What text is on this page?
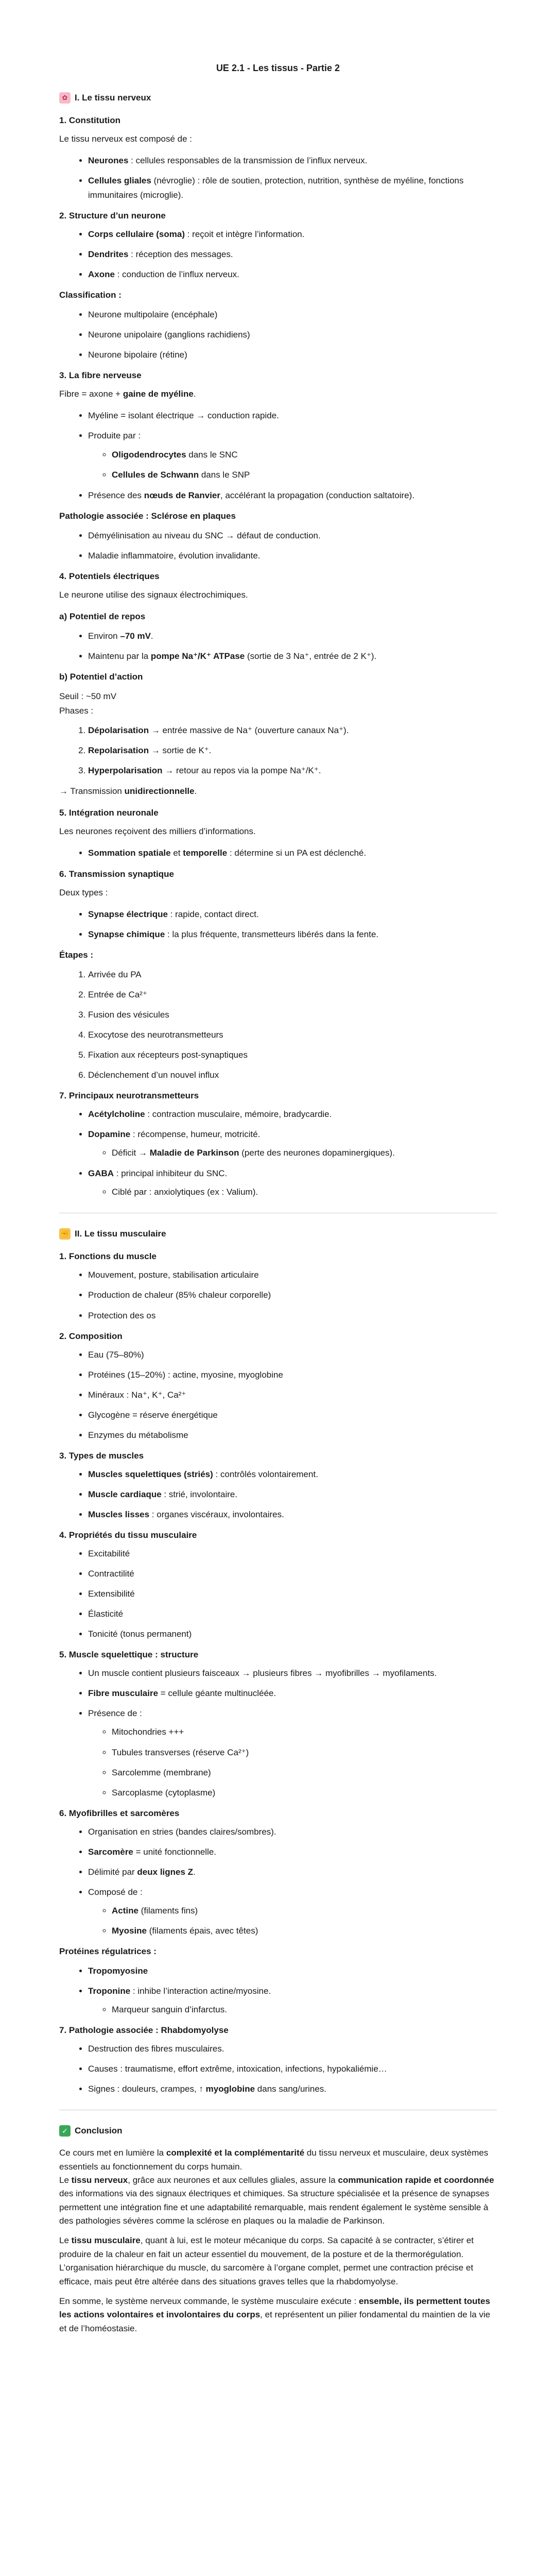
UE 2.1 - Les tissus - Partie 2
✿ I. Le tissu nerveux
1. Constitution

Le tissu nerveux est composé de :

• Neurones : cellules responsables de la transmission de l’influx nerveux.
• Cellules gliales (névroglie) : rôle de soutien, protection, nutrition, synthèse de myéline, fonctions immunitaires (microglie).
2. Structure d’un neurone
• Corps cellulaire (soma) : reçoit et intègre l’information.
• Dendrites : réception des messages.
• Axone : conduction de l’influx nerveux.
Classification :
• Neurone multipolaire (encéphale)
• Neurone unipolaire (ganglions rachidiens)
• Neurone bipolaire (rétine)
3. La fibre nerveuse

Fibre = axone + gaine de myéline.

• Myéline = isolant électrique → conduction rapide.
• Produite par :
◦ Oligodendrocytes dans le SNC
◦ Cellules de Schwann dans le SNP
• Présence des nœuds de Ranvier, accélérant la propagation (conduction saltatoire).
Pathologie associée : Sclérose en plaques
• Démyélinisation au niveau du SNC → défaut de conduction.
• Maladie inflammatoire, évolution invalidante.
4. Potentiels électriques

Le neurone utilise des signaux électrochimiques.

a) Potentiel de repos
• Environ –70 mV.
• Maintenu par la pompe Na⁺/K⁺ ATPase (sortie de 3 Na⁺, entrée de 2 K⁺).
b) Potentiel d’action

Seuil : ~50 mV

Phases :

1. Dépolarisation → entrée massive de Na⁺ (ouverture canaux Na⁺).
2. Repolarisation → sortie de K⁺.
3. Hyperpolarisation → retour au repos via la pompe Na⁺/K⁺.

→ Transmission unidirectionnelle.

5. Intégration neuronale

Les neurones reçoivent des milliers d’informations.

• Sommation spatiale et temporelle : détermine si un PA est déclenché.
6. Transmission synaptique

Deux types :

• Synapse électrique : rapide, contact direct.
• Synapse chimique : la plus fréquente, transmetteurs libérés dans la fente.
Étapes :
1. Arrivée du PA
2. Entrée de Ca²⁺
3. Fusion des vésicules
4. Exocytose des neurotransmetteurs
5. Fixation aux récepteurs post-synaptiques
6. Déclenchement d’un nouvel influx
7. Principaux neurotransmetteurs
• Acétylcholine : contraction musculaire, mémoire, bradycardie.
• Dopamine : récompense, humeur, motricité.
◦ Déficit → Maladie de Parkinson (perte des neurones dopaminergiques).
• GABA : principal inhibiteur du SNC.
◦ Ciblé par : anxiolytiques (ex : Valium).
✊ II. Le tissu musculaire
1. Fonctions du muscle
• Mouvement, posture, stabilisation articulaire
• Production de chaleur (85% chaleur corporelle)
• Protection des os
2. Composition
• Eau (75–80%)
• Protéines (15–20%) : actine, myosine, myoglobine
• Minéraux : Na⁺, K⁺, Ca²⁺
• Glycogène = réserve énergétique
• Enzymes du métabolisme
3. Types de muscles
• Muscles squelettiques (striés) : contrôlés volontairement.
• Muscle cardiaque : strié, involontaire.
• Muscles lisses : organes viscéraux, involontaires.
4. Propriétés du tissu musculaire
• Excitabilité
• Contractilité
• Extensibilité
• Élasticité
• Tonicité (tonus permanent)
5. Muscle squelettique : structure
• Un muscle contient plusieurs faisceaux → plusieurs fibres → myofibrilles → myofilaments.
• Fibre musculaire = cellule géante multinucléée.
• Présence de :
◦ Mitochondries +++
◦ Tubules transverses (réserve Ca²⁺)
◦ Sarcolemme (membrane)
◦ Sarcoplasme (cytoplasme)
6. Myofibrilles et sarcomères
• Organisation en stries (bandes claires/sombres).
• Sarcomère = unité fonctionnelle.
• Délimité par deux lignes Z.
• Composé de :
◦ Actine (filaments fins)
◦ Myosine (filaments épais, avec têtes)
Protéines régulatrices :
• Tropomyosine
• Troponine : inhibe l’interaction actine/myosine.
◦ Marqueur sanguin d’infarctus.
7. Pathologie associée : Rhabdomyolyse
• Destruction des fibres musculaires.
• Causes : traumatisme, effort extrême, intoxication, infections, hypokaliémie…
• Signes : douleurs, crampes, ↑ myoglobine dans sang/urines.
✓ Conclusion

Ce cours met en lumière la complexité et la complémentarité du tissu nerveux et musculaire, deux systèmes essentiels au fonctionnement du corps humain.

Le tissu nerveux, grâce aux neurones et aux cellules gliales, assure la communication rapide et coordonnée des informations via des signaux électriques et chimiques. Sa structure spécialisée et la présence de synapses permettent une intégration fine et une adaptabilité remarquable, mais rendent également le système sensible à des pathologies sévères comme la sclérose en plaques ou la maladie de Parkinson.

Le tissu musculaire, quant à lui, est le moteur mécanique du corps. Sa capacité à se contracter, s’étirer et produire de la chaleur en fait un acteur essentiel du mouvement, de la posture et de la thermorégulation. L’organisation hiérarchique du muscle, du sarcomère à l’organe complet, permet une contraction précise et efficace, mais peut être altérée dans des situations graves telles que la rhabdomyolyse.

En somme, le système nerveux commande, le système musculaire exécute : ensemble, ils permettent toutes les actions volontaires et involontaires du corps, et représentent un pilier fondamental du maintien de la vie et de l’homéostasie.
